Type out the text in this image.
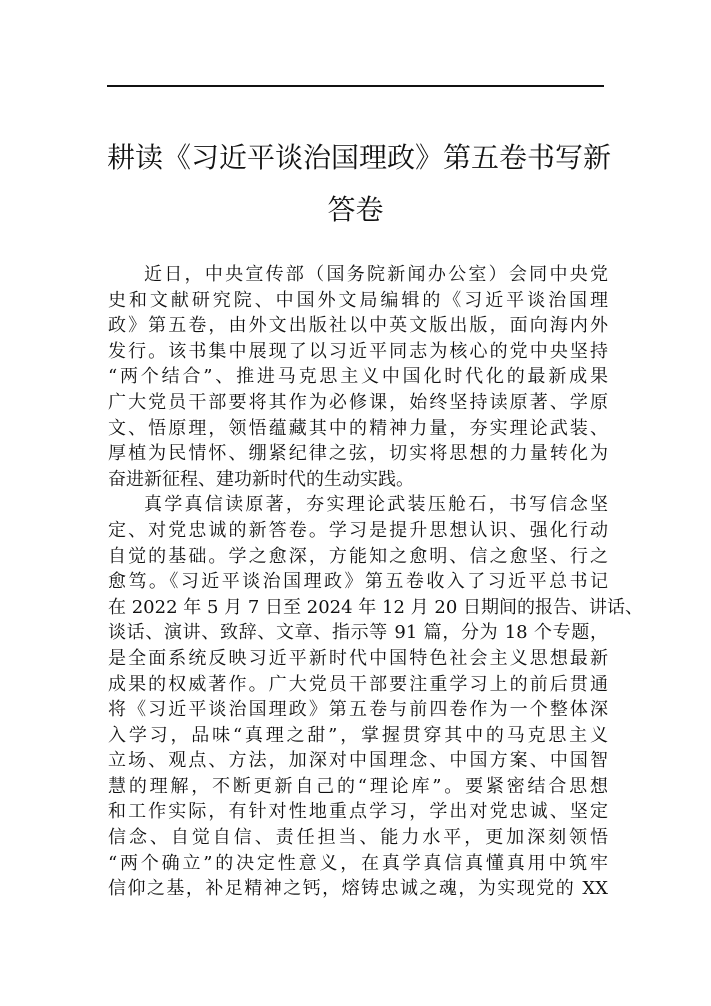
耕读《习近平谈治国理政》第五卷书写新
答卷
近日，中央宣传部（国务院新闻办公室）会同中央党
史和文献研究院、中国外文局编辑的《习近平谈治国理
政》第五卷，由外文出版社以中英文版出版，面向海内外
发行。该书集中展现了以习近平同志为核心的党中央坚持
“两个结合”、推进马克思主义中国化时代化的最新成果
广大党员干部要将其作为必修课，始终坚持读原著、学原
文、悟原理，领悟蕴藏其中的精神力量，夯实理论武装、
厚植为民情怀、绷紧纪律之弦，切实将思想的力量转化为
奋进新征程、建功新时代的生动实践。
真学真信读原著，夯实理论武装压舱石，书写信念坚
定、对党忠诚的新答卷。学习是提升思想认识、强化行动
自觉的基础。学之愈深，方能知之愈明、信之愈坚、行之
愈笃。《习近平谈治国理政》第五卷收入了习近平总书记
在 2022 年 5 月 7 日至 2024 年 12 月 20 日期间的报告、讲话、
谈话、演讲、致辞、文章、指示等 91 篇，分为 18 个专题，
是全面系统反映习近平新时代中国特色社会主义思想最新
成果的权威著作。广大党员干部要注重学习上的前后贯通
将《习近平谈治国理政》第五卷与前四卷作为一个整体深
入学习，品味“真理之甜”，掌握贯穿其中的马克思主义
立场、观点、方法，加深对中国理念、中国方案、中国智
慧的理解，不断更新自己的“理论库”。要紧密结合思想
和工作实际，有针对性地重点学习，学出对党忠诚、坚定
信念、自觉自信、责任担当、能力水平，更加深刻领悟
“两个确立”的决定性意义，在真学真信真懂真用中筑牢
信仰之基，补足精神之钙，熔铸忠诚之魂，为实现党的 XX
